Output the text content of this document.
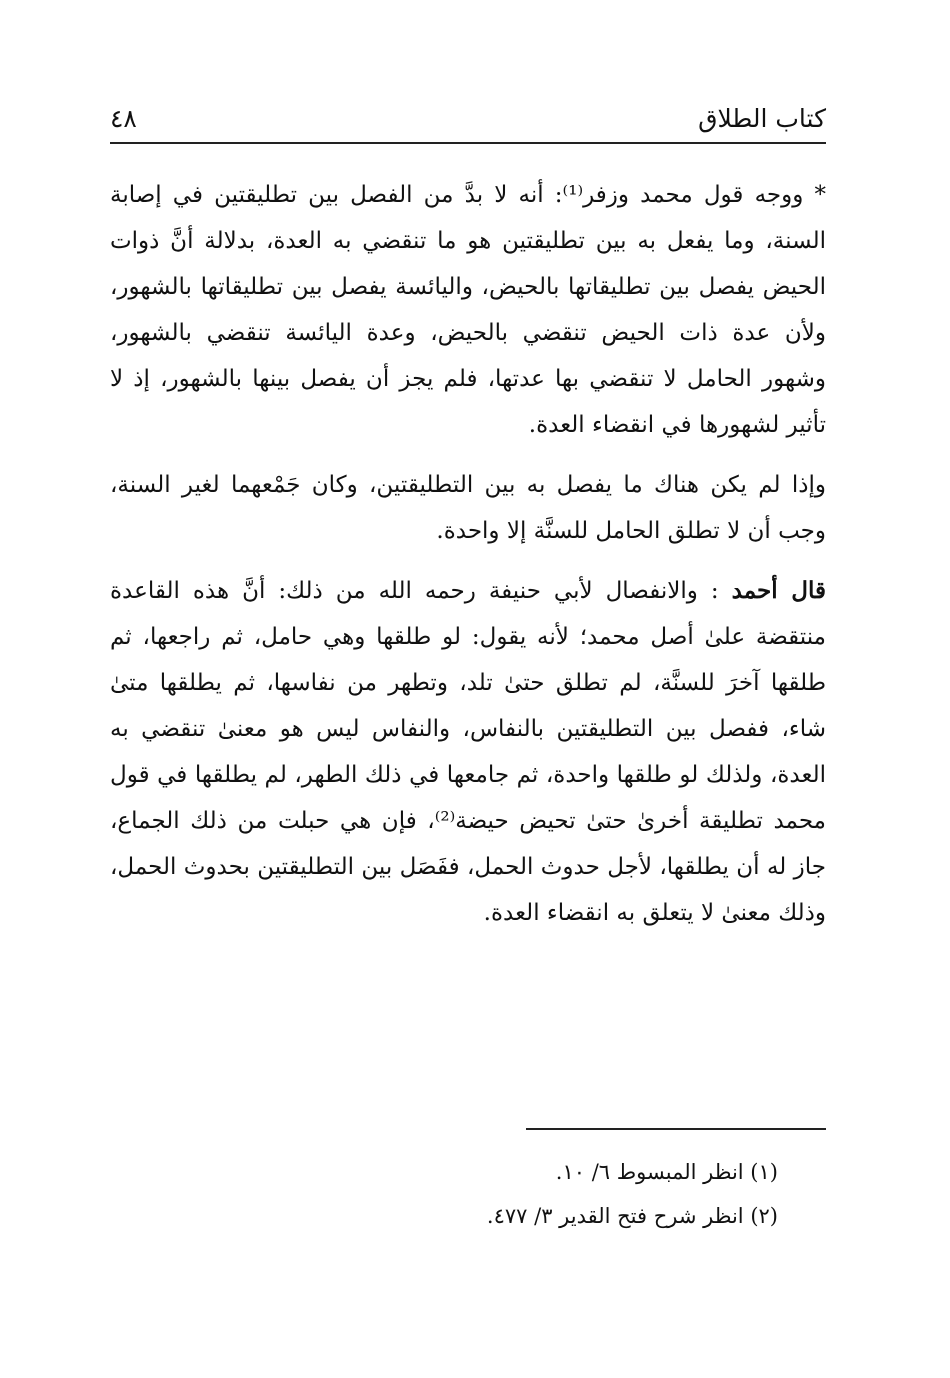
كتاب الطلاق
٤٨

* ووجه قول محمد وزفر⁽¹⁾: أنه لا بدَّ من الفصل بين تطليقتين في إصابة السنة، وما يفعل به بين تطليقتين هو ما تنقضي به العدة، بدلالة أنَّ ذوات الحيض يفصل بين تطليقاتها بالحيض، واليائسة يفصل بين تطليقاتها بالشهور، ولأن عدة ذات الحيض تنقضي بالحيض، وعدة اليائسة تنقضي بالشهور، وشهور الحامل لا تنقضي بها عدتها، فلم يجز أن يفصل بينها بالشهور، إذ لا تأثير لشهورها في انقضاء العدة.

وإذا لم يكن هناك ما يفصل به بين التطليقتين، وكان جَمْعهما لغير السنة، وجب أن لا تطلق الحامل للسنَّة إلا واحدة.

قال أحمد : والانفصال لأبي حنيفة رحمه الله من ذلك: أنَّ هذه القاعدة منتقضة علىٰ أصل محمد؛ لأنه يقول: لو طلقها وهي حامل، ثم راجعها، ثم طلقها آخرَ للسنَّة، لم تطلق حتىٰ تلد، وتطهر من نفاسها، ثم يطلقها متىٰ شاء، ففصل بين التطليقتين بالنفاس، والنفاس ليس هو معنىٰ تنقضي به العدة، ولذلك لو طلقها واحدة، ثم جامعها في ذلك الطهر، لم يطلقها في قول محمد تطليقة أخرىٰ حتىٰ تحيض حيضة⁽²⁾، فإن هي حبلت من ذلك الجماع، جاز له أن يطلقها، لأجل حدوث الحمل، ففَصَل بين التطليقتين بحدوث الحمل، وذلك معنىٰ لا يتعلق به انقضاء العدة.

(١) انظر المبسوط ٦/ ١٠.

(٢) انظر شرح فتح القدير ٣/ ٤٧٧.
